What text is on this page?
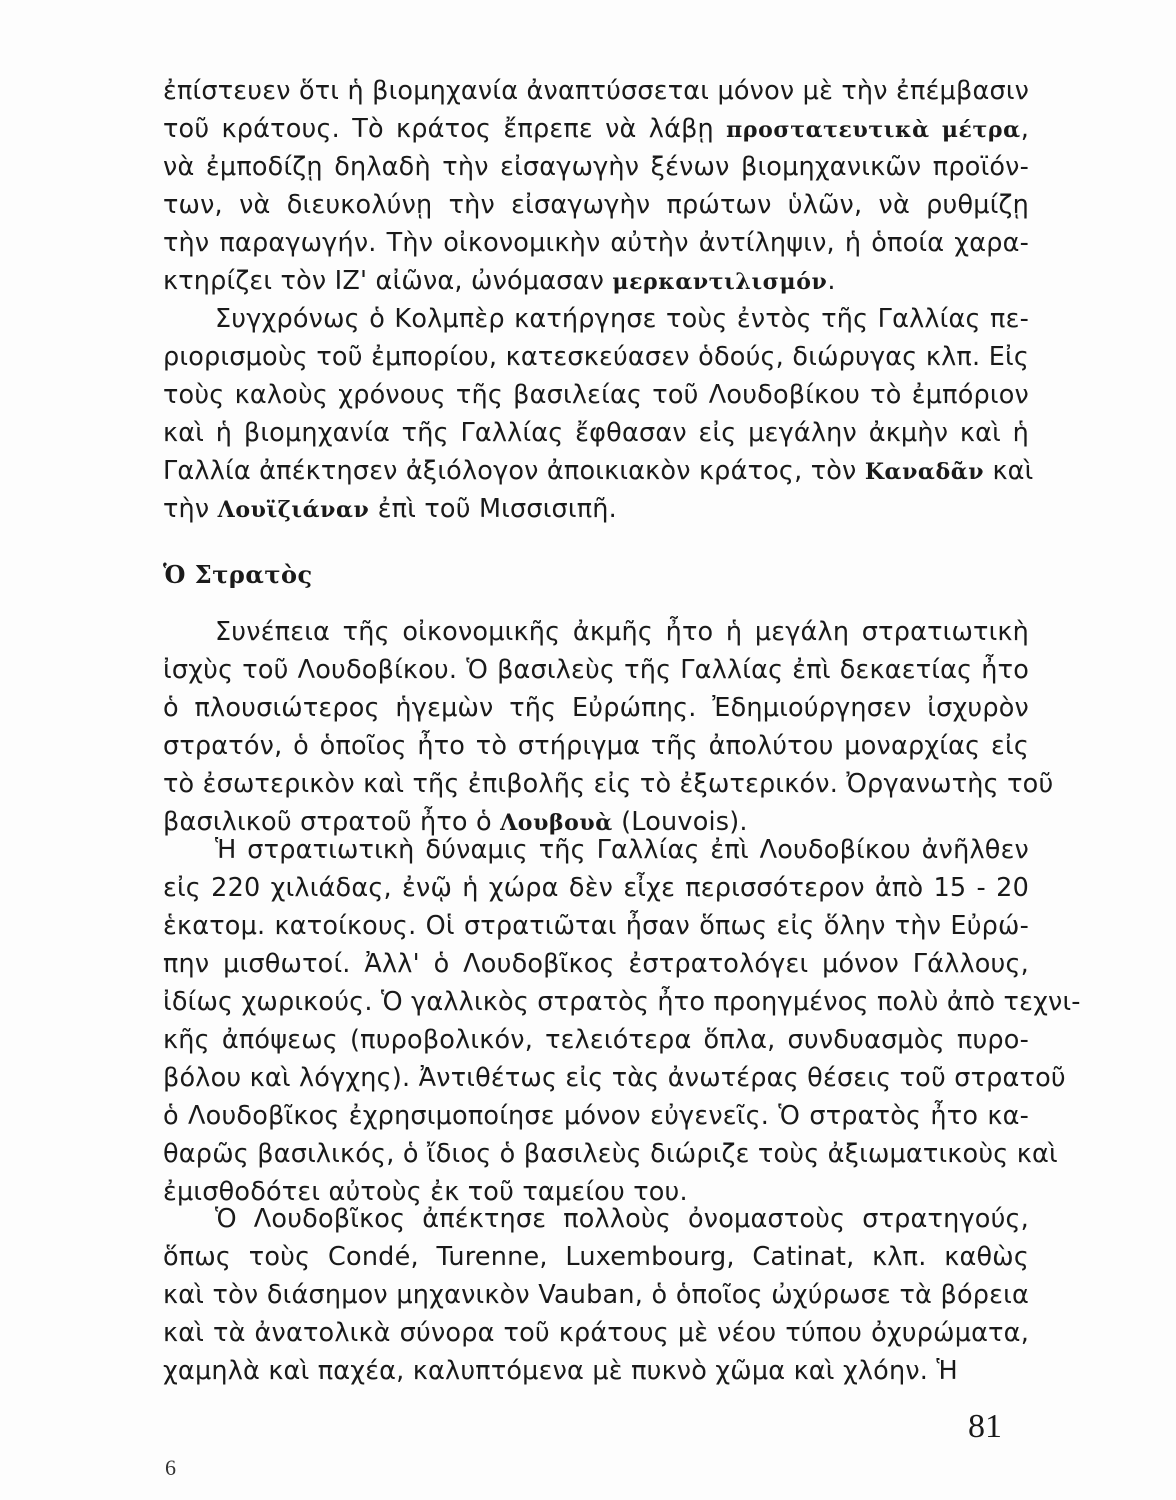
ἐπίστευεν ὅτι ἡ βιομηχανία ἀναπτύσσεται μόνον μὲ τὴν ἐπέμβασιν
τοῦ κράτους. Τὸ κράτος ἔπρεπε νὰ λάβῃ προστατευτικὰ μέτρα,
νὰ ἐμποδίζῃ δηλαδὴ τὴν εἰσαγωγὴν ξένων βιομηχανικῶν προϊόν-
των, νὰ διευκολύνῃ τὴν εἰσαγωγὴν πρώτων ὑλῶν, νὰ ρυθμίζῃ
τὴν παραγωγήν. Τὴν οἰκονομικὴν αὐτὴν ἀντίληψιν, ἡ ὁποία χαρα-
κτηρίζει τὸν ΙΖ' αἰῶνα, ὠνόμασαν μερκαντιλισμόν.
Συγχρόνως ὁ Κολμπὲρ κατήργησε τοὺς ἐντὸς τῆς Γαλλίας πε-
ριορισμοὺς τοῦ ἐμπορίου, κατεσκεύασεν ὁδούς, διώρυγας κλπ. Εἰς
τοὺς καλοὺς χρόνους τῆς βασιλείας τοῦ Λουδοβίκου τὸ ἐμπόριον
καὶ ἡ βιομηχανία τῆς Γαλλίας ἔφθασαν εἰς μεγάλην ἀκμὴν καὶ ἡ
Γαλλία ἀπέκτησεν ἀξιόλογον ἀποικιακὸν κράτος, τὸν Καναδᾶν καὶ
τὴν Λουϊζιάναν ἐπὶ τοῦ Μισσισιπῆ.
Ὁ Στρατὸς
Συνέπεια τῆς οἰκονομικῆς ἀκμῆς ἦτο ἡ μεγάλη στρατιωτικὴ
ἰσχὺς τοῦ Λουδοβίκου. Ὁ βασιλεὺς τῆς Γαλλίας ἐπὶ δεκαετίας ἦτο
ὁ πλουσιώτερος ἡγεμὼν τῆς Εὐρώπης. Ἐδημιούργησεν ἰσχυρὸν
στρατόν, ὁ ὁποῖος ἦτο τὸ στήριγμα τῆς ἀπολύτου μοναρχίας εἰς
τὸ ἐσωτερικὸν καὶ τῆς ἐπιβολῆς εἰς τὸ ἐξωτερικόν. Ὀργανωτὴς τοῦ
βασιλικοῦ στρατοῦ ἦτο ὁ Λουβουὰ (Louvois).
Ἡ στρατιωτικὴ δύναμις τῆς Γαλλίας ἐπὶ Λουδοβίκου ἀνῆλθεν
εἰς 220 χιλιάδας, ἐνῷ ἡ χώρα δὲν εἶχε περισσότερον ἀπὸ 15 - 20
ἑκατομ. κατοίκους. Οἱ στρατιῶται ἦσαν ὅπως εἰς ὅλην τὴν Εὐρώ-
πην μισθωτοί. Ἀλλ' ὁ Λουδοβῖκος ἐστρατολόγει μόνον Γάλλους,
ἰδίως χωρικούς. Ὁ γαλλικὸς στρατὸς ἦτο προηγμένος πολὺ ἀπὸ τεχνι-
κῆς ἀπόψεως (πυροβολικόν, τελειότερα ὅπλα, συνδυασμὸς πυρο-
βόλου καὶ λόγχης). Ἀντιθέτως εἰς τὰς ἀνωτέρας θέσεις τοῦ στρατοῦ
ὁ Λουδοβῖκος ἐχρησιμοποίησε μόνον εὐγενεῖς. Ὁ στρατὸς ἦτο κα-
θαρῶς βασιλικός, ὁ ἴδιος ὁ βασιλεὺς διώριζε τοὺς ἀξιωματικοὺς καὶ
ἐμισθοδότει αὐτοὺς ἐκ τοῦ ταμείου του.
Ὁ Λουδοβῖκος ἀπέκτησε πολλοὺς ὀνομαστοὺς στρατηγούς,
ὅπως τοὺς Condé, Turenne, Luxembourg, Catinat, κλπ. καθὼς
καὶ τὸν διάσημον μηχανικὸν Vauban, ὁ ὁποῖος ὠχύρωσε τὰ βόρεια
καὶ τὰ ἀνατολικὰ σύνορα τοῦ κράτους μὲ νέου τύπου ὀχυρώματα,
χαμηλὰ καὶ παχέα, καλυπτόμενα μὲ πυκνὸ χῶμα καὶ χλόην. Ἡ
81
6
